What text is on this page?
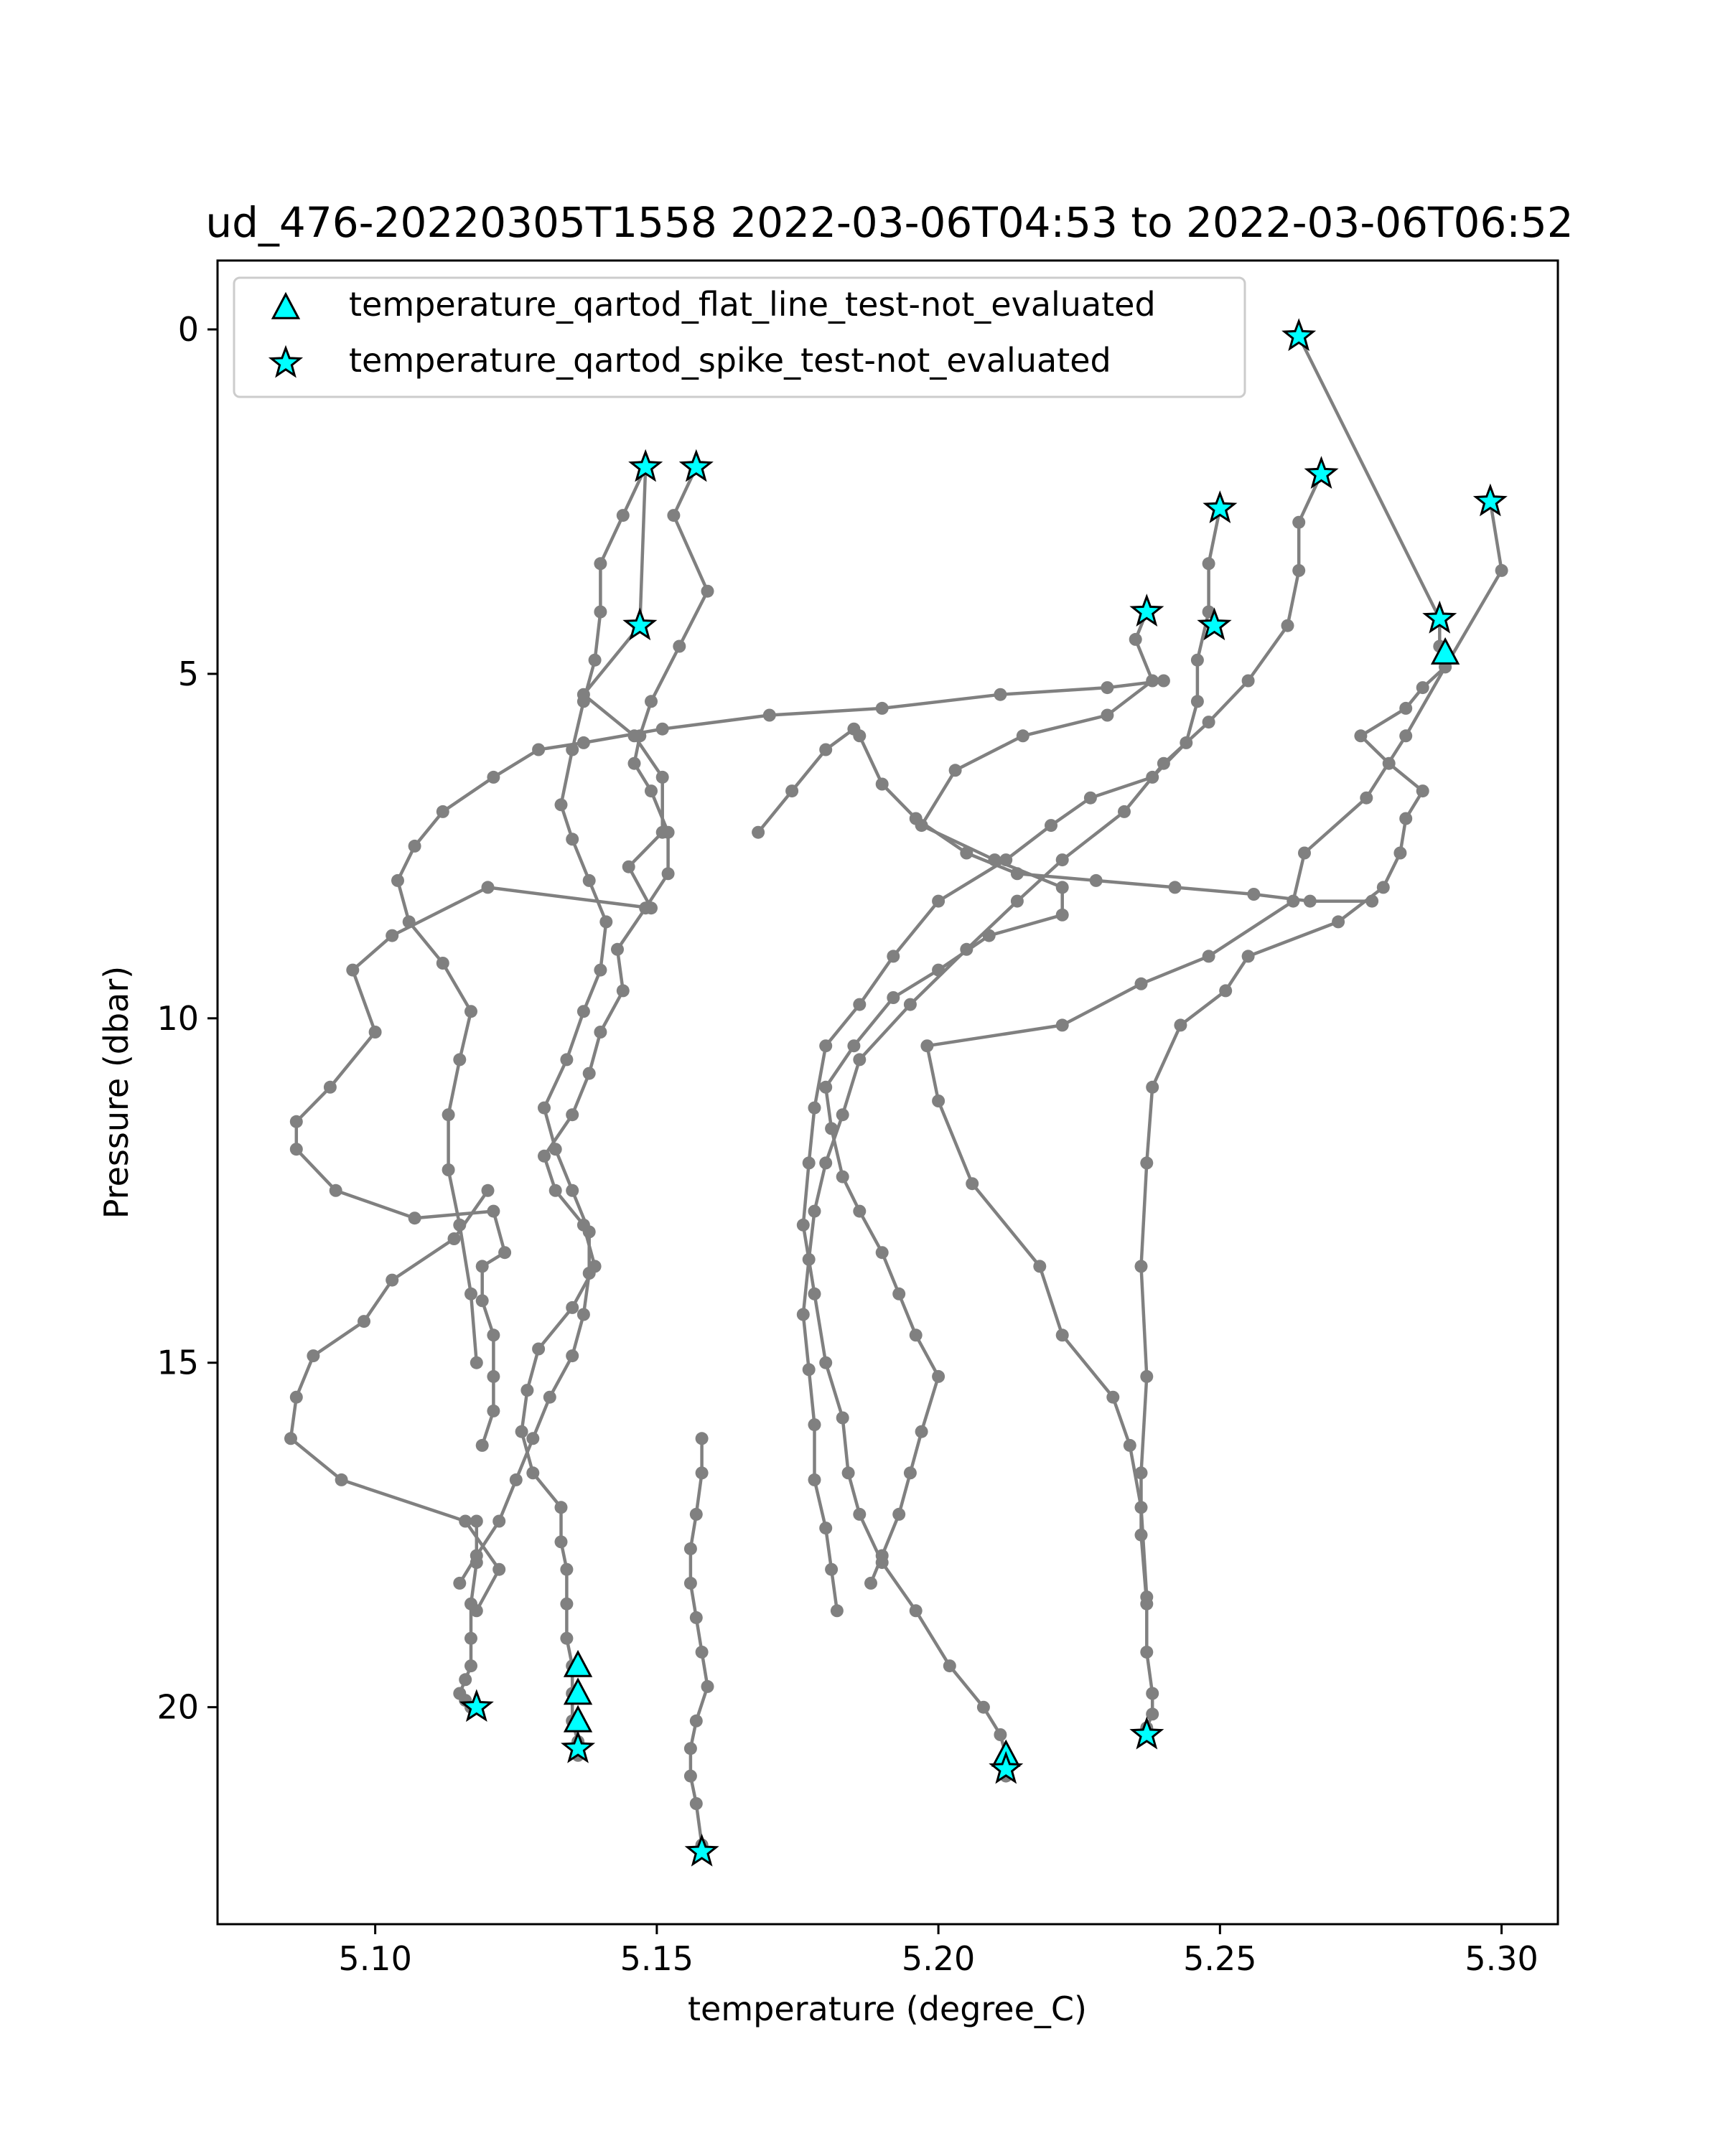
ud_476-20220305T1558 2022-03-06T04:53 to 2022-03-06T06:52
5.10	5.15	5.20	5.25	5.30
0
5
10
15
20
temperature (degree_C)
Pressure (dbar)
temperature_qartod_flat_line_test-not_evaluated
temperature_qartod_spike_test-not_evaluated
